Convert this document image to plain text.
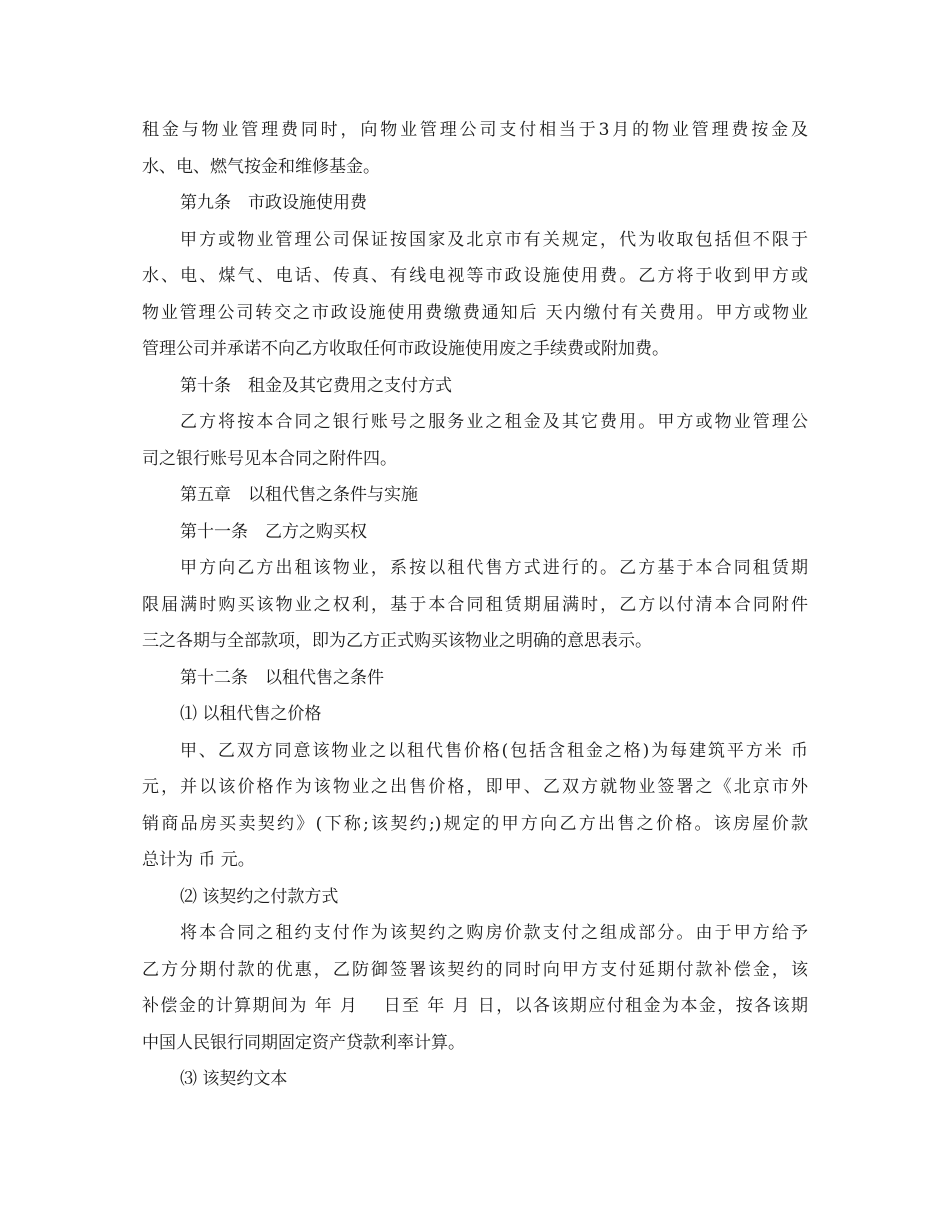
租金与物业管理费同时，向物业管理公司支付相当于3月的物业管理费按金及
水、电、燃气按金和维修基金。
第九条　市政设施使用费
甲方或物业管理公司保证按国家及北京市有关规定，代为收取包括但不限于
水、电、煤气、电话、传真、有线电视等市政设施使用费。乙方将于收到甲方或
物业管理公司转交之市政设施使用费缴费通知后 天内缴付有关费用。甲方或物业
管理公司并承诺不向乙方收取任何市政设施使用废之手续费或附加费。
第十条　租金及其它费用之支付方式
乙方将按本合同之银行账号之服务业之租金及其它费用。甲方或物业管理公
司之银行账号见本合同之附件四。
第五章　以租代售之条件与实施
第十一条　乙方之购买权
甲方向乙方出租该物业，系按以租代售方式进行的。乙方基于本合同租赁期
限届满时购买该物业之权利，基于本合同租赁期届满时，乙方以付清本合同附件
三之各期与全部款项，即为乙方正式购买该物业之明确的意思表示。
第十二条　以租代售之条件
⑴ 以租代售之价格
甲、乙双方同意该物业之以租代售价格(包括含租金之格)为每建筑平方米 币
元，并以该价格作为该物业之出售价格，即甲、乙双方就物业签署之《北京市外
销商品房买卖契约》(下称;该契约;)规定的甲方向乙方出售之价格。该房屋价款
总计为 币 元。
⑵ 该契约之付款方式
将本合同之租约支付作为该契约之购房价款支付之组成部分。由于甲方给予
乙方分期付款的优惠，乙防御签署该契约的同时向甲方支付延期付款补偿金，该
补偿金的计算期间为 年 月　 日至 年 月 日，以各该期应付租金为本金，按各该期
中国人民银行同期固定资产贷款利率计算。
⑶ 该契约文本
